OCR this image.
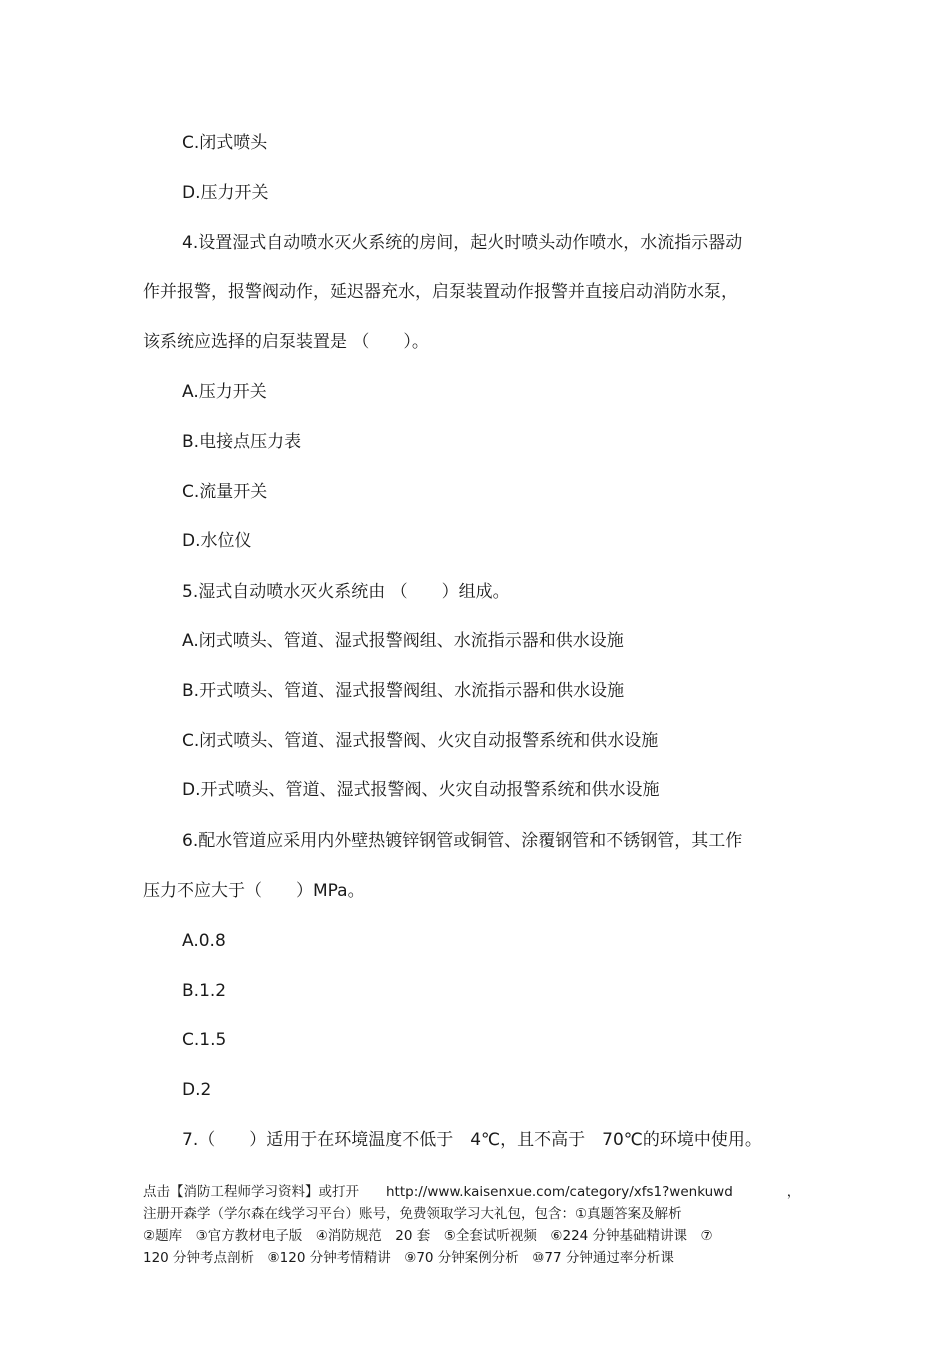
C.闭式喷头
D.压力开关
4.设置湿式自动喷水灭火系统的房间，起火时喷头动作喷水，水流指示器动
作并报警，报警阀动作，延迟器充水，启泵装置动作报警并直接启动消防水泵，
该系统应选择的启泵装置是 （　　）。
A.压力开关
B.电接点压力表
C.流量开关
D.水位仪
5.湿式自动喷水灭火系统由 （　　）组成。
A.闭式喷头、管道、湿式报警阀组、水流指示器和供水设施
B.开式喷头、管道、湿式报警阀组、水流指示器和供水设施
C.闭式喷头、管道、湿式报警阀、火灾自动报警系统和供水设施
D.开式喷头、管道、湿式报警阀、火灾自动报警系统和供水设施
6.配水管道应采用内外壁热镀锌钢管或铜管、涂覆钢管和不锈钢管，其工作
压力不应大于（　　）MPa。
A.0.8
B.1.2
C.1.5
D.2
7.（　　）适用于在环境温度不低于　4℃，且不高于　70℃的环境中使用。
点击【消防工程师学习资料】或打开　　http://www.kaisenxue.com/category/xfs1?wenkuwd　　　　，
注册开森学（学尔森在线学习平台）账号，免费领取学习大礼包，包含：①真题答案及解析
②题库　③官方教材电子版　④消防规范　20 套　⑤全套试听视频　⑥224 分钟基础精讲课　⑦
120 分钟考点剖析　⑧120 分钟考情精讲　⑨70 分钟案例分析　⑩77 分钟通过率分析课
